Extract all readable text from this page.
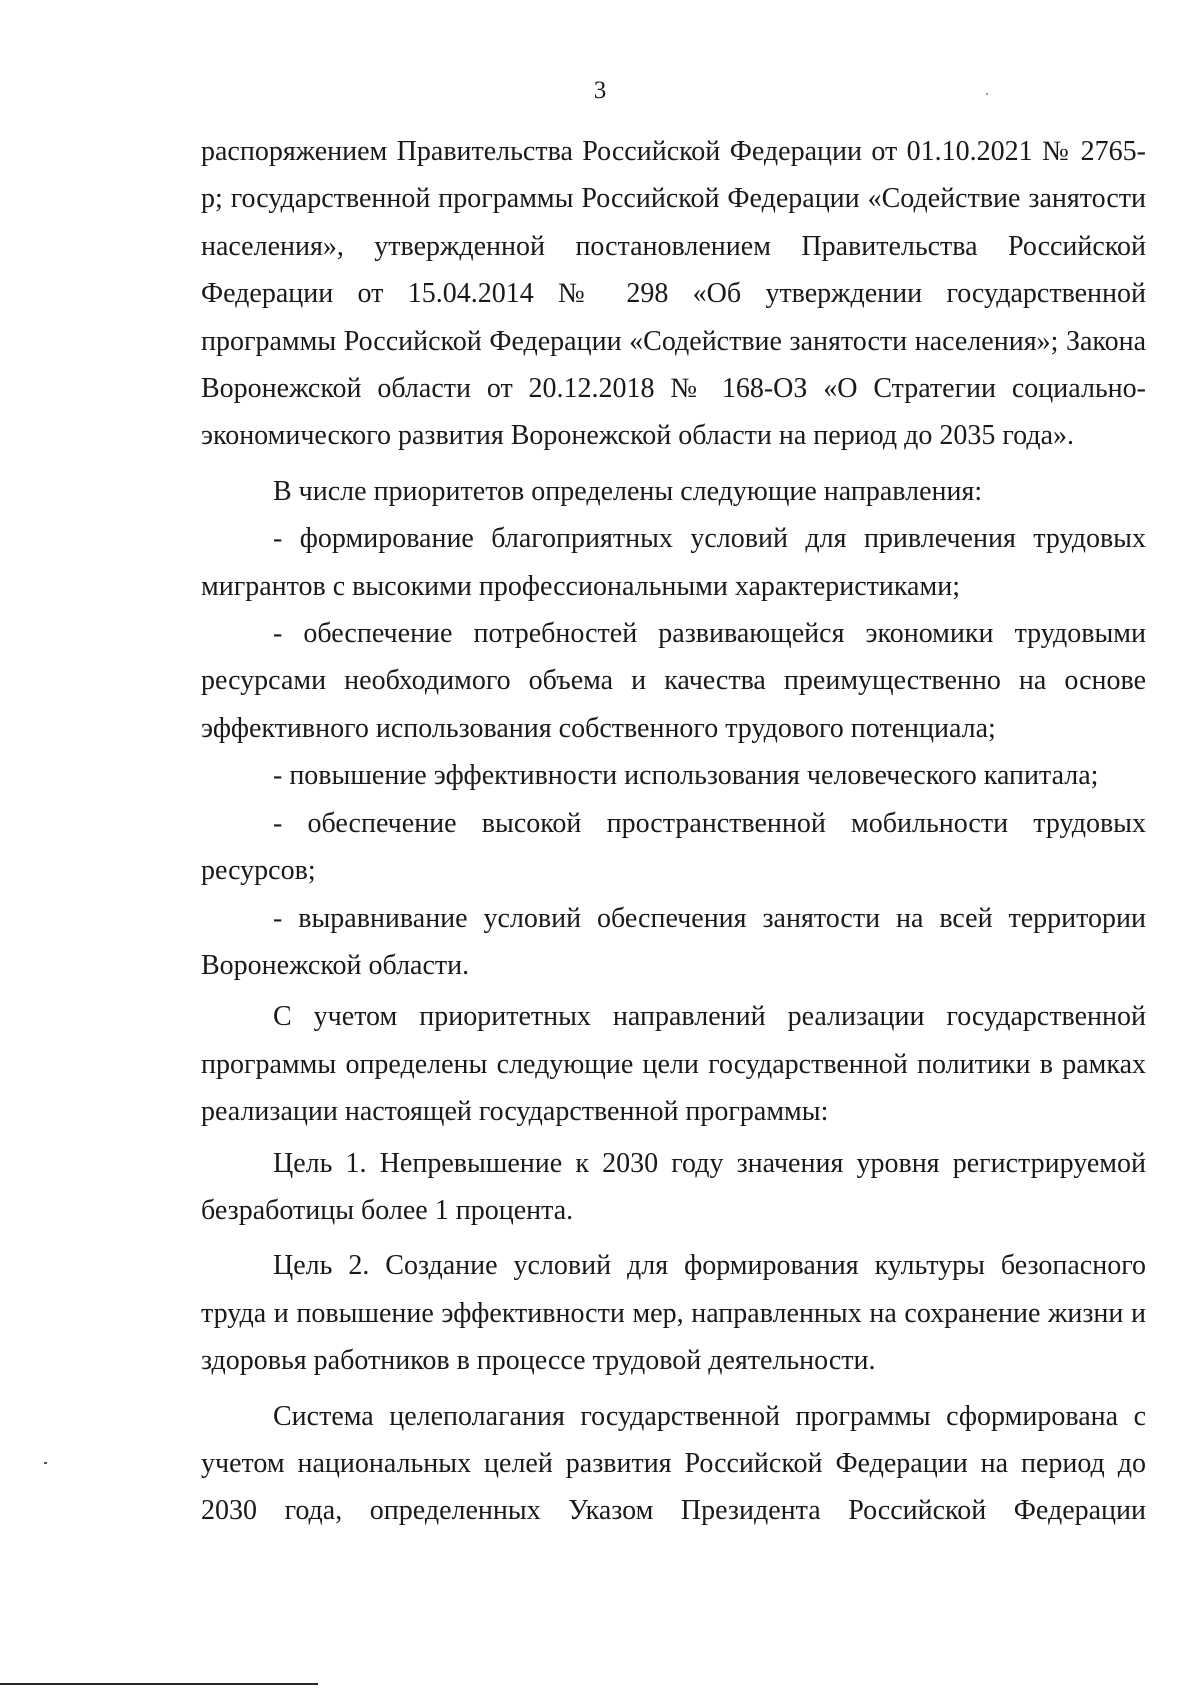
3

распоряжением Правительства Российской Федерации от 01.10.2021 № 2765-р; государственной программы Российской Федерации «Содействие занятости населения», утвержденной постановлением Правительства Российской Федерации от 15.04.2014 № 298 «Об утверждении государственной программы Российской Федерации «Содействие занятости населения»; Закона Воронежской области от 20.12.2018 № 168-ОЗ «О Стратегии социально-экономического развития Воронежской области на период до 2035 года».

В числе приоритетов определены следующие направления:

- формирование благоприятных условий для привлечения трудовых мигрантов с высокими профессиональными характеристиками;

- обеспечение потребностей развивающейся экономики трудовыми ресурсами необходимого объема и качества преимущественно на основе эффективного использования собственного трудового потенциала;

- повышение эффективности использования человеческого капитала;

- обеспечение высокой пространственной мобильности трудовых ресурсов;

- выравнивание условий обеспечения занятости на всей территории Воронежской области.

С учетом приоритетных направлений реализации государственной программы определены следующие цели государственной политики в рамках реализации настоящей государственной программы:

Цель 1. Непревышение к 2030 году значения уровня регистрируемой безработицы более 1 процента.

Цель 2. Создание условий для формирования культуры безопасного труда и повышение эффективности мер, направленных на сохранение жизни и здоровья работников в процессе трудовой деятельности.

Система целеполагания государственной программы сформирована с учетом национальных целей развития Российской Федерации на период до 2030 года, определенных Указом Президента Российской Федерации
